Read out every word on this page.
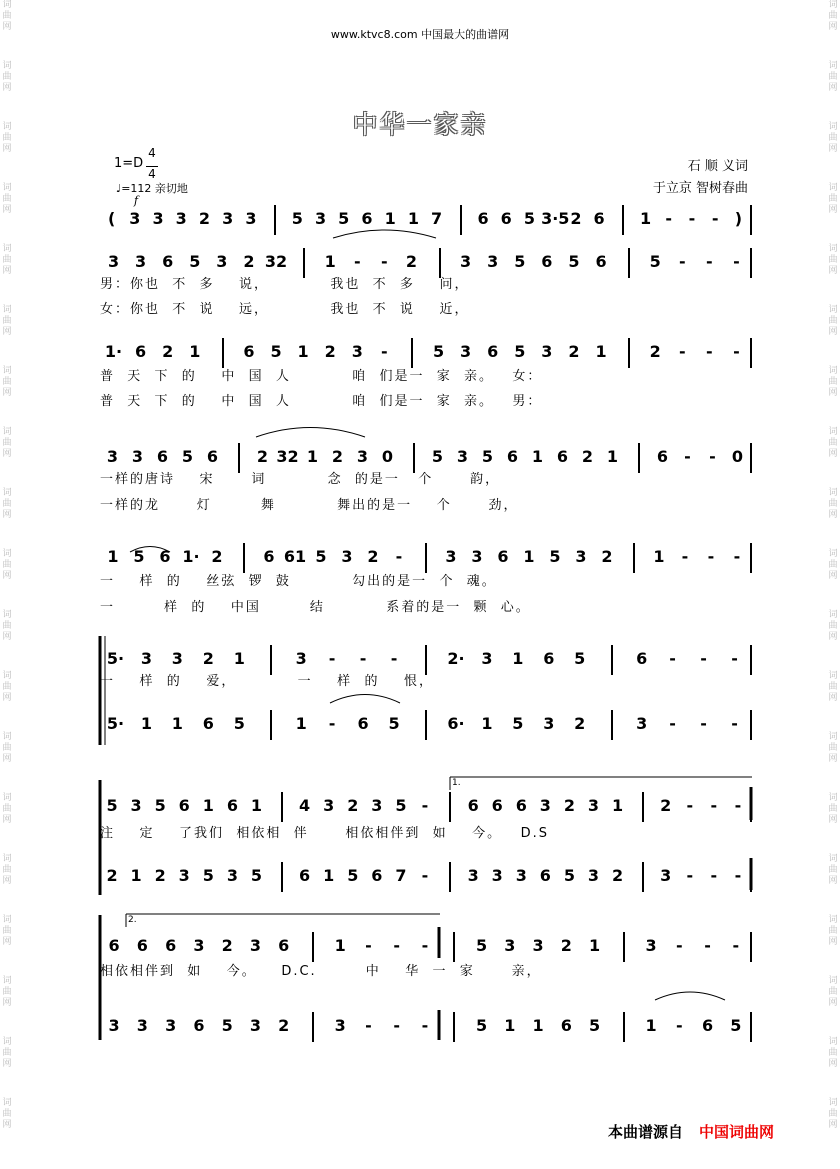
词
曲
网
词
曲
网
词
曲
网
词
曲
网
词
曲
网
词
曲
网
词
曲
网
词
曲
网
词
曲
网
词
曲
网
词
曲
网
词
曲
网
词
曲
网
词
曲
网
词
曲
网
词
曲
网
词
曲
网
词
曲
网
词
曲
网
词
曲
网
词
曲
网
词
曲
网
词
曲
网
词
曲
网
词
曲
网
词
曲
网
词
曲
网
词
曲
网
词
曲
网
词
曲
网
词
曲
网
词
曲
网
词
曲
网
词
曲
网
词
曲
网
词
曲
网
词
曲
网
词
曲
网
www.ktvc8.com 中国最大的曲谱网
中华一家亲
1=D
4
4
♩=112 亲切地
f
石 顺 义词
于立京 智树春曲
( 3 3 3 2 3 3	5 3 5 6 1 1 7	6 6 5 3·5 2 6	1 -	-	-	)
3 3 6 5 3 2 32	1	-	-	2	3 3 5 6 5 6	5	-	-	-
1· 6 2 1	6 5 1 2 3	-	5 3 6 5 3 2 1	2	-	-	-
3 3 6 5 6	2 32 1 2 3 0	5 3 5 6 1 6 2 1	6	-	-	0
1 5 6 1· 2	6 61 5 3 2	-	3 3 6 1 5 3 2	1	-	-	-
5·	3	3	2	1	3	-	-	-	2·	3	1	6	5	6	-	-	-
5·	1	1	6	5	1	-	6	5	6·	1	5	3	2	3	-	-	-
5 3 5 6 1 6 1	4 3 2 3 5 -	6 6 6 3 2 3 1	2 -	-	-
2 1 2 3 5 3 5	6 1 5 6 7 -	3 3 3 6 5 3 2	3 -	-	-
6	6	6	3	2	3	6	1	-	-	-	5	3	3	2	1	3	-	-	-
3	3	3	6	5	3	2	3	-	-	-	5	1	1	6	5	1	-	6	5
男：你也  不  多    说，          我也  不  多    问，
女：你也  不  说    远，          我也  不  说    近，
普  天  下  的    中  国  人          咱  们是一  家  亲。   女：
普  天  下  的    中  国  人          咱  们是一  家  亲。   男：
一样的唐诗    宋      词          念  的是一   个      韵，
一样的龙      灯        舞          舞出的是一    个      劲，
一    样  的    丝弦  锣  鼓          勾出的是一  个  魂。
一        样  的    中国        结          系着的是一  颗  心。
一    样  的    爱，          一    样  的    恨，
注    定    了我们  相依相  伴      相依相伴到  如    今。   D.S
相依相伴到  如    今。    D.C.        中    华  一  家      亲，
本曲谱源自 中国词曲网
1.
2.
